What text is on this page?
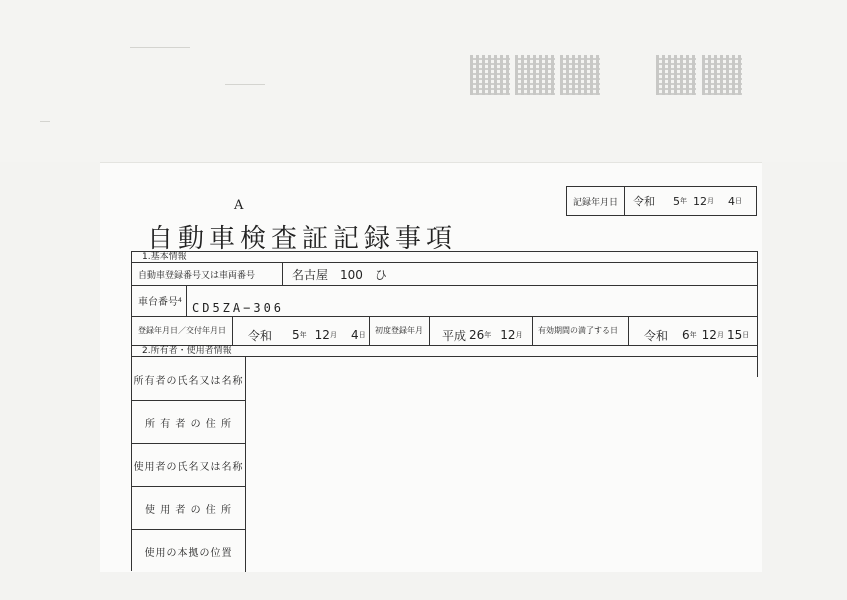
A
自動車検査証記録事項
記録年月日	令和 5 年 12 月 4 日
1.基本情報
自動車登録番号又は車両番号	名古屋　100　ひ
車台番号 4 CD5ZA−306
登録年月日／交付年月日	令和 5 年 12 月 4 日	初度登録年月	平成 26 年 12 月	有効期間の満了する日	令和 6 年 12 月 15 日
2.所有者・使用者情報
所有者の氏名又は名称
所 有 者 の 住 所
使用者の氏名又は名称
使 用 者 の 住 所
使用の本拠の位置
